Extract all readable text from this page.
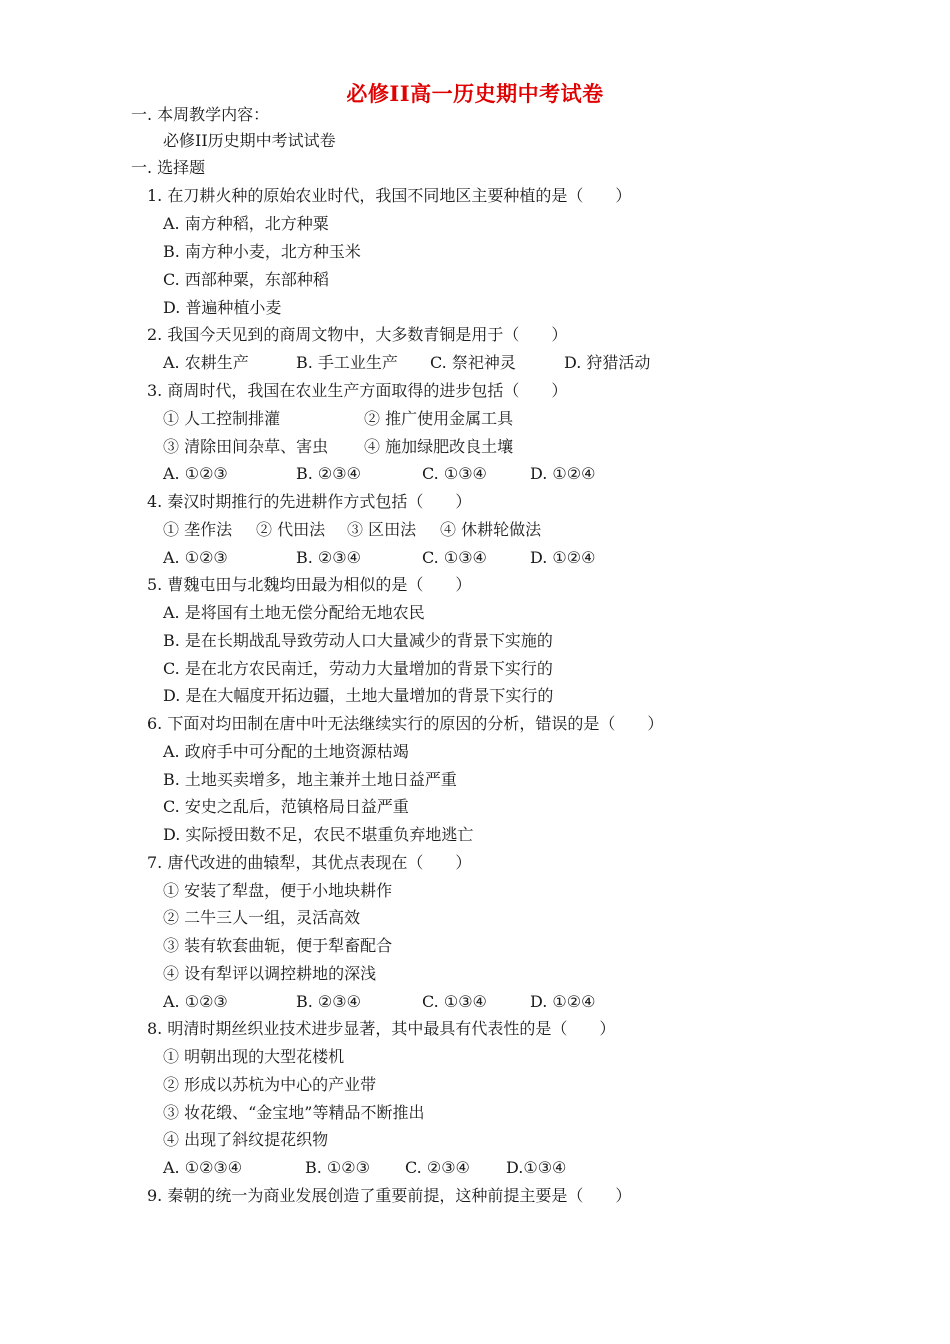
必修II高一历史期中考试卷
一. 本周教学内容：
必修II历史期中考试试卷
一. 选择题
1. 在刀耕火种的原始农业时代，我国不同地区主要种植的是（　　）
A. 南方种稻，北方种粟
B. 南方种小麦，北方种玉米
C. 西部种粟，东部种稻
D. 普遍种植小麦
2. 我国今天见到的商周文物中，大多数青铜是用于（　　）
A. 农耕生产	B. 手工业生产 C. 祭祀神灵	D. 狩猎活动
3. 商周时代，我国在农业生产方面取得的进步包括（　　）
① 人工控制排灌	② 推广使用金属工具
③ 清除田间杂草、害虫 ④ 施加绿肥改良土壤
A. ①②③	B. ②③④	C. ①③④	D. ①②④
4. 秦汉时期推行的先进耕作方式包括（　　）
① 垄作法 ② 代田法 ③ 区田法 ④ 休耕轮做法
A. ①②③	B. ②③④	C. ①③④	D. ①②④
5. 曹魏屯田与北魏均田最为相似的是（　　）
A. 是将国有土地无偿分配给无地农民
B. 是在长期战乱导致劳动人口大量减少的背景下实施的
C. 是在北方农民南迁，劳动力大量增加的背景下实行的
D. 是在大幅度开拓边疆，土地大量增加的背景下实行的
6. 下面对均田制在唐中叶无法继续实行的原因的分析，错误的是（　　）
A. 政府手中可分配的土地资源枯竭
B. 土地买卖增多，地主兼并土地日益严重
C. 安史之乱后，范镇格局日益严重
D. 实际授田数不足，农民不堪重负弃地逃亡
7. 唐代改进的曲辕犁，其优点表现在（　　）
① 安装了犁盘，便于小地块耕作
② 二牛三人一组，灵活高效
③ 装有软套曲轭，便于犁畜配合
④ 设有犁评以调控耕地的深浅
A. ①②③	B. ②③④	C. ①③④	D. ①②④
8. 明清时期丝织业技术进步显著，其中最具有代表性的是（　　）
① 明朝出现的大型花楼机
② 形成以苏杭为中心的产业带
③ 妆花缎、“金宝地”等精品不断推出
④ 出现了斜纹提花织物
A. ①②③④	B. ①②③ C. ②③④ D.①③④
9. 秦朝的统一为商业发展创造了重要前提，这种前提主要是（　　）
